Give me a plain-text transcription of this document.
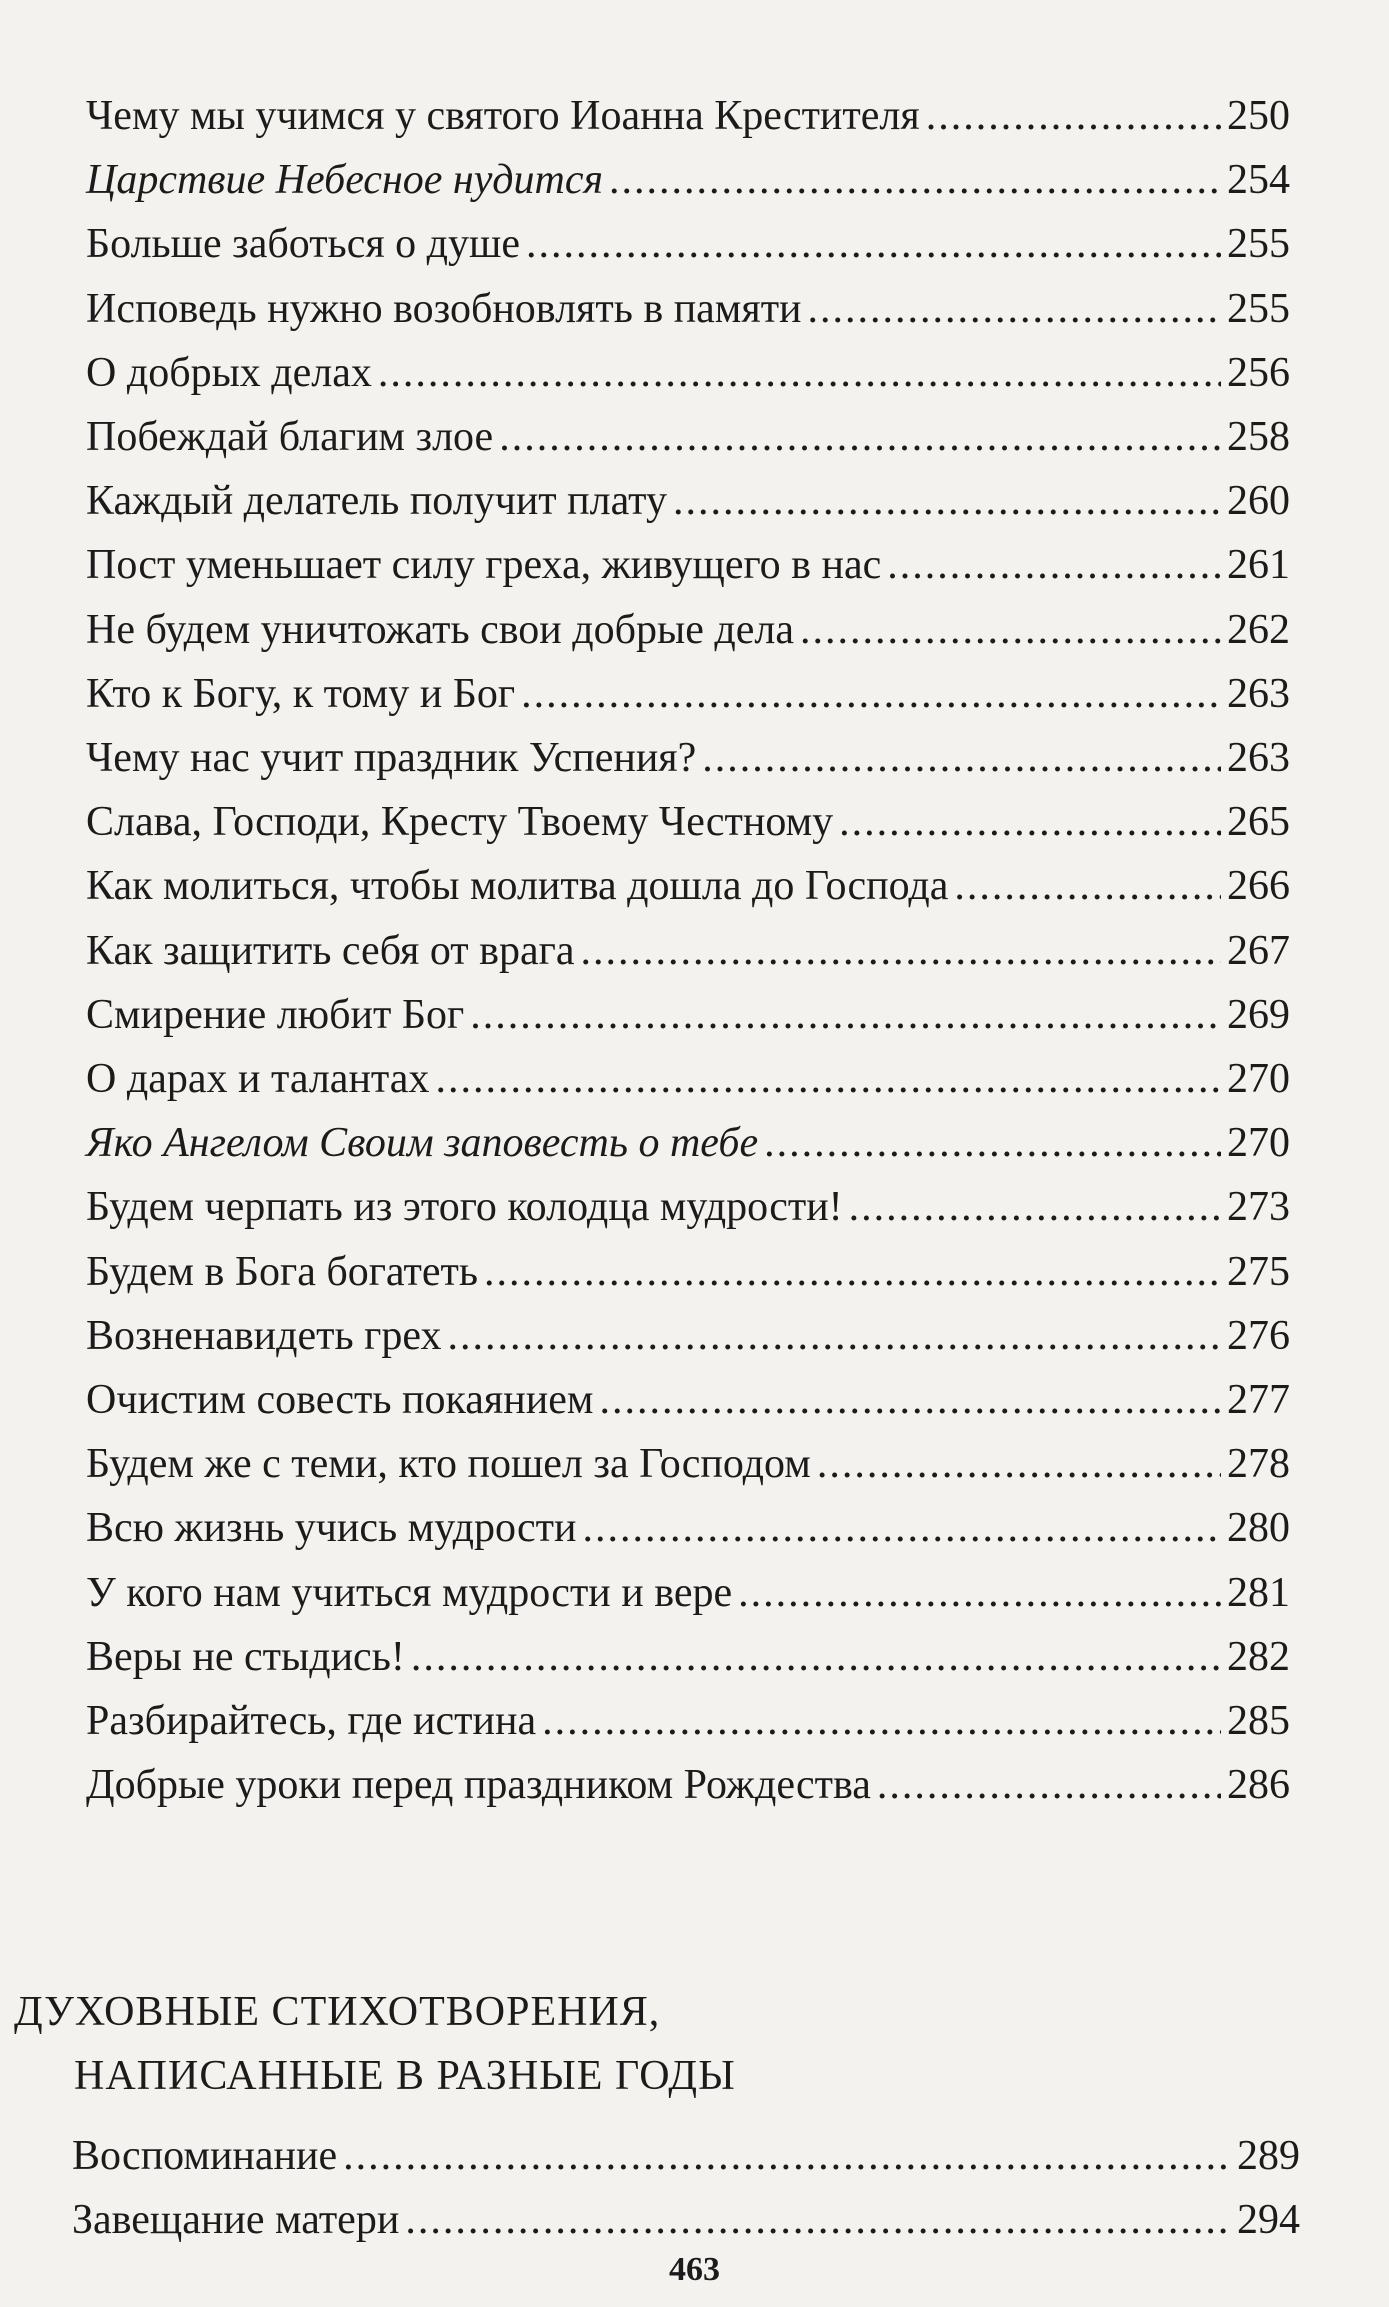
Чему мы учимся у святого Иоанна Крестителя .....	250
Царствие Небесное нудится .....	254
Больше заботься о душе .....	255
Исповедь нужно возобновлять в памяти .....	255
О добрых делах .....	256
Побеждай благим злое .....	258
Каждый делатель получит плату .....	260
Пост уменьшает силу греха, живущего в нас .....	261
Не будем уничтожать свои добрые дела .....	262
Кто к Богу, к тому и Бог .....	263
Чему нас учит праздник Успения? .....	263
Слава, Господи, Кресту Твоему Честному .....	265
Как молиться, чтобы молитва дошла до Господа .....	266
Как защитить себя от врага .....	267
Смирение любит Бог .....	269
О дарах и талантах .....	270
Яко Ангелом Своим заповесть о тебе .....	270
Будем черпать из этого колодца мудрости! .....	273
Будем в Бога богатеть .....	275
Возненавидеть грех .....	276
Очистим совесть покаянием .....	277
Будем же с теми, кто пошел за Господом .....	278
Всю жизнь учись мудрости .....	280
У кого нам учиться мудрости и вере .....	281
Веры не стыдись! .....	282
Разбирайтесь, где истина .....	285
Добрые уроки перед праздником Рождества .....	286
ДУХОВНЫЕ СТИХОТВОРЕНИЯ,
НАПИСАННЫЕ В РАЗНЫЕ ГОДЫ
Воспоминание .....	289
Завещание матери .....	294
463
